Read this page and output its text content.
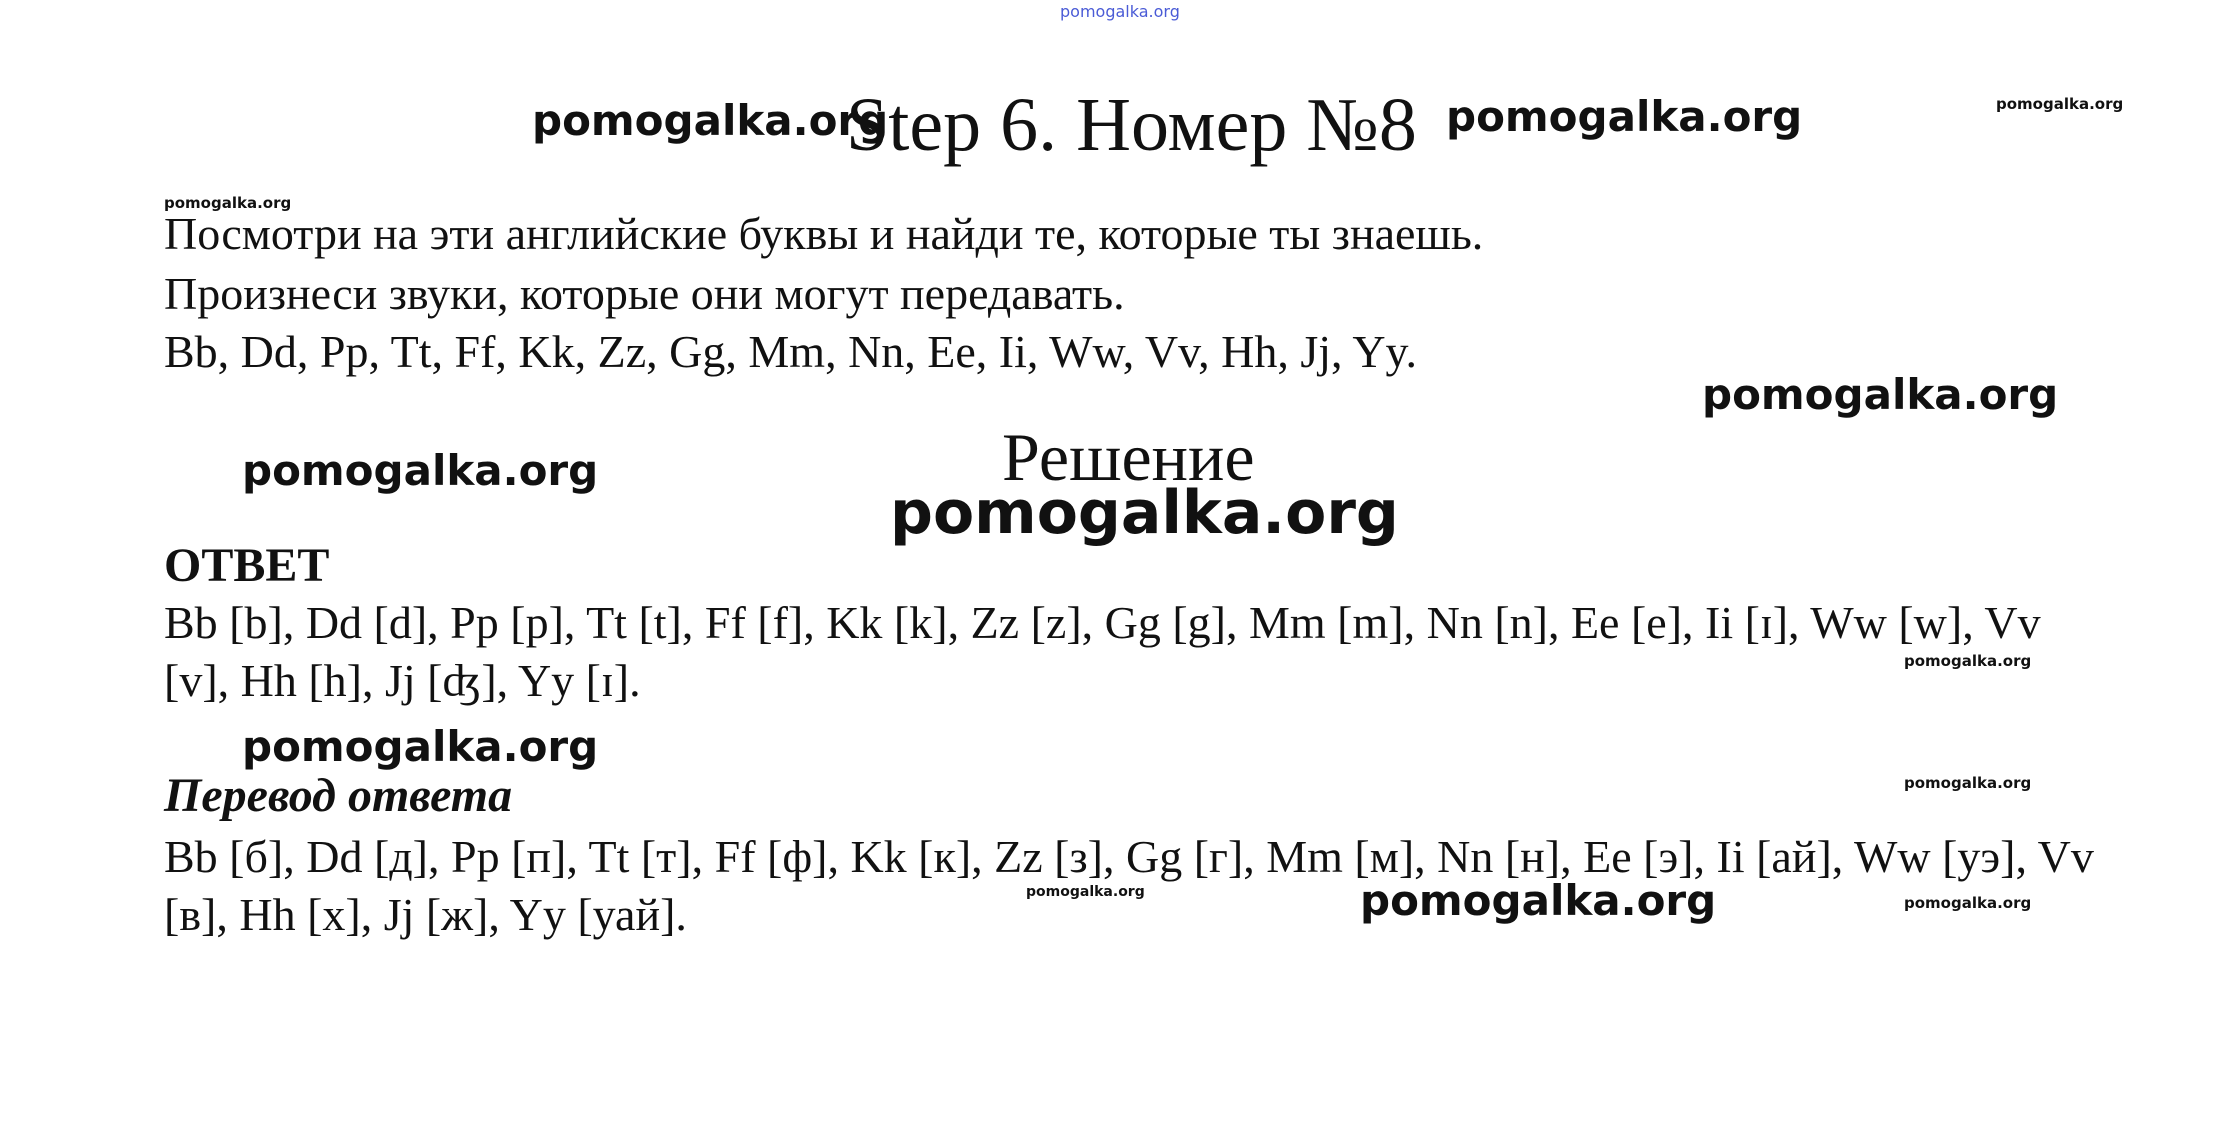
pomogalka.org
pomogalka.org
Step 6. Номер №8 pomogalka.org	pomogalka.org
pomogalka.org
Посмотри на эти английские буквы и найди те, которые ты знаешь.
Произнеси звуки, которые они могут передавать.
Bb, Dd, Pp, Tt, Ff, Kk, Zz, Gg, Mm, Nn, Ee, Ii, Ww, Vv, Hh, Jj, Yy.
pomogalka.org
pomogalka.org	Решение
pomogalka.org
ОТВЕТ
Bb [b], Dd [d], Pp [p], Tt [t], Ff [f], Kk [k], Zz [z], Gg [g], Mm [m], Nn [n], Ee [e], Ii [ɪ], Ww [w], Vv [v], Hh [h], Jj [ʤ], Yy [ɪ].	pomogalka.org
pomogalka.org
Перевод ответа	pomogalka.org
Bb [б], Dd [д], Pp [п], Tt [т], Ff [ф], Kk [к], Zz [з], Gg [г], Mm [м], Nn [н], Ee [э], Ii [ай], Ww [уэ], Vv [в], Hh [х], Jj [ж], Yy [уай].	pomogalka.org	pomogalka.org	pomogalka.org
